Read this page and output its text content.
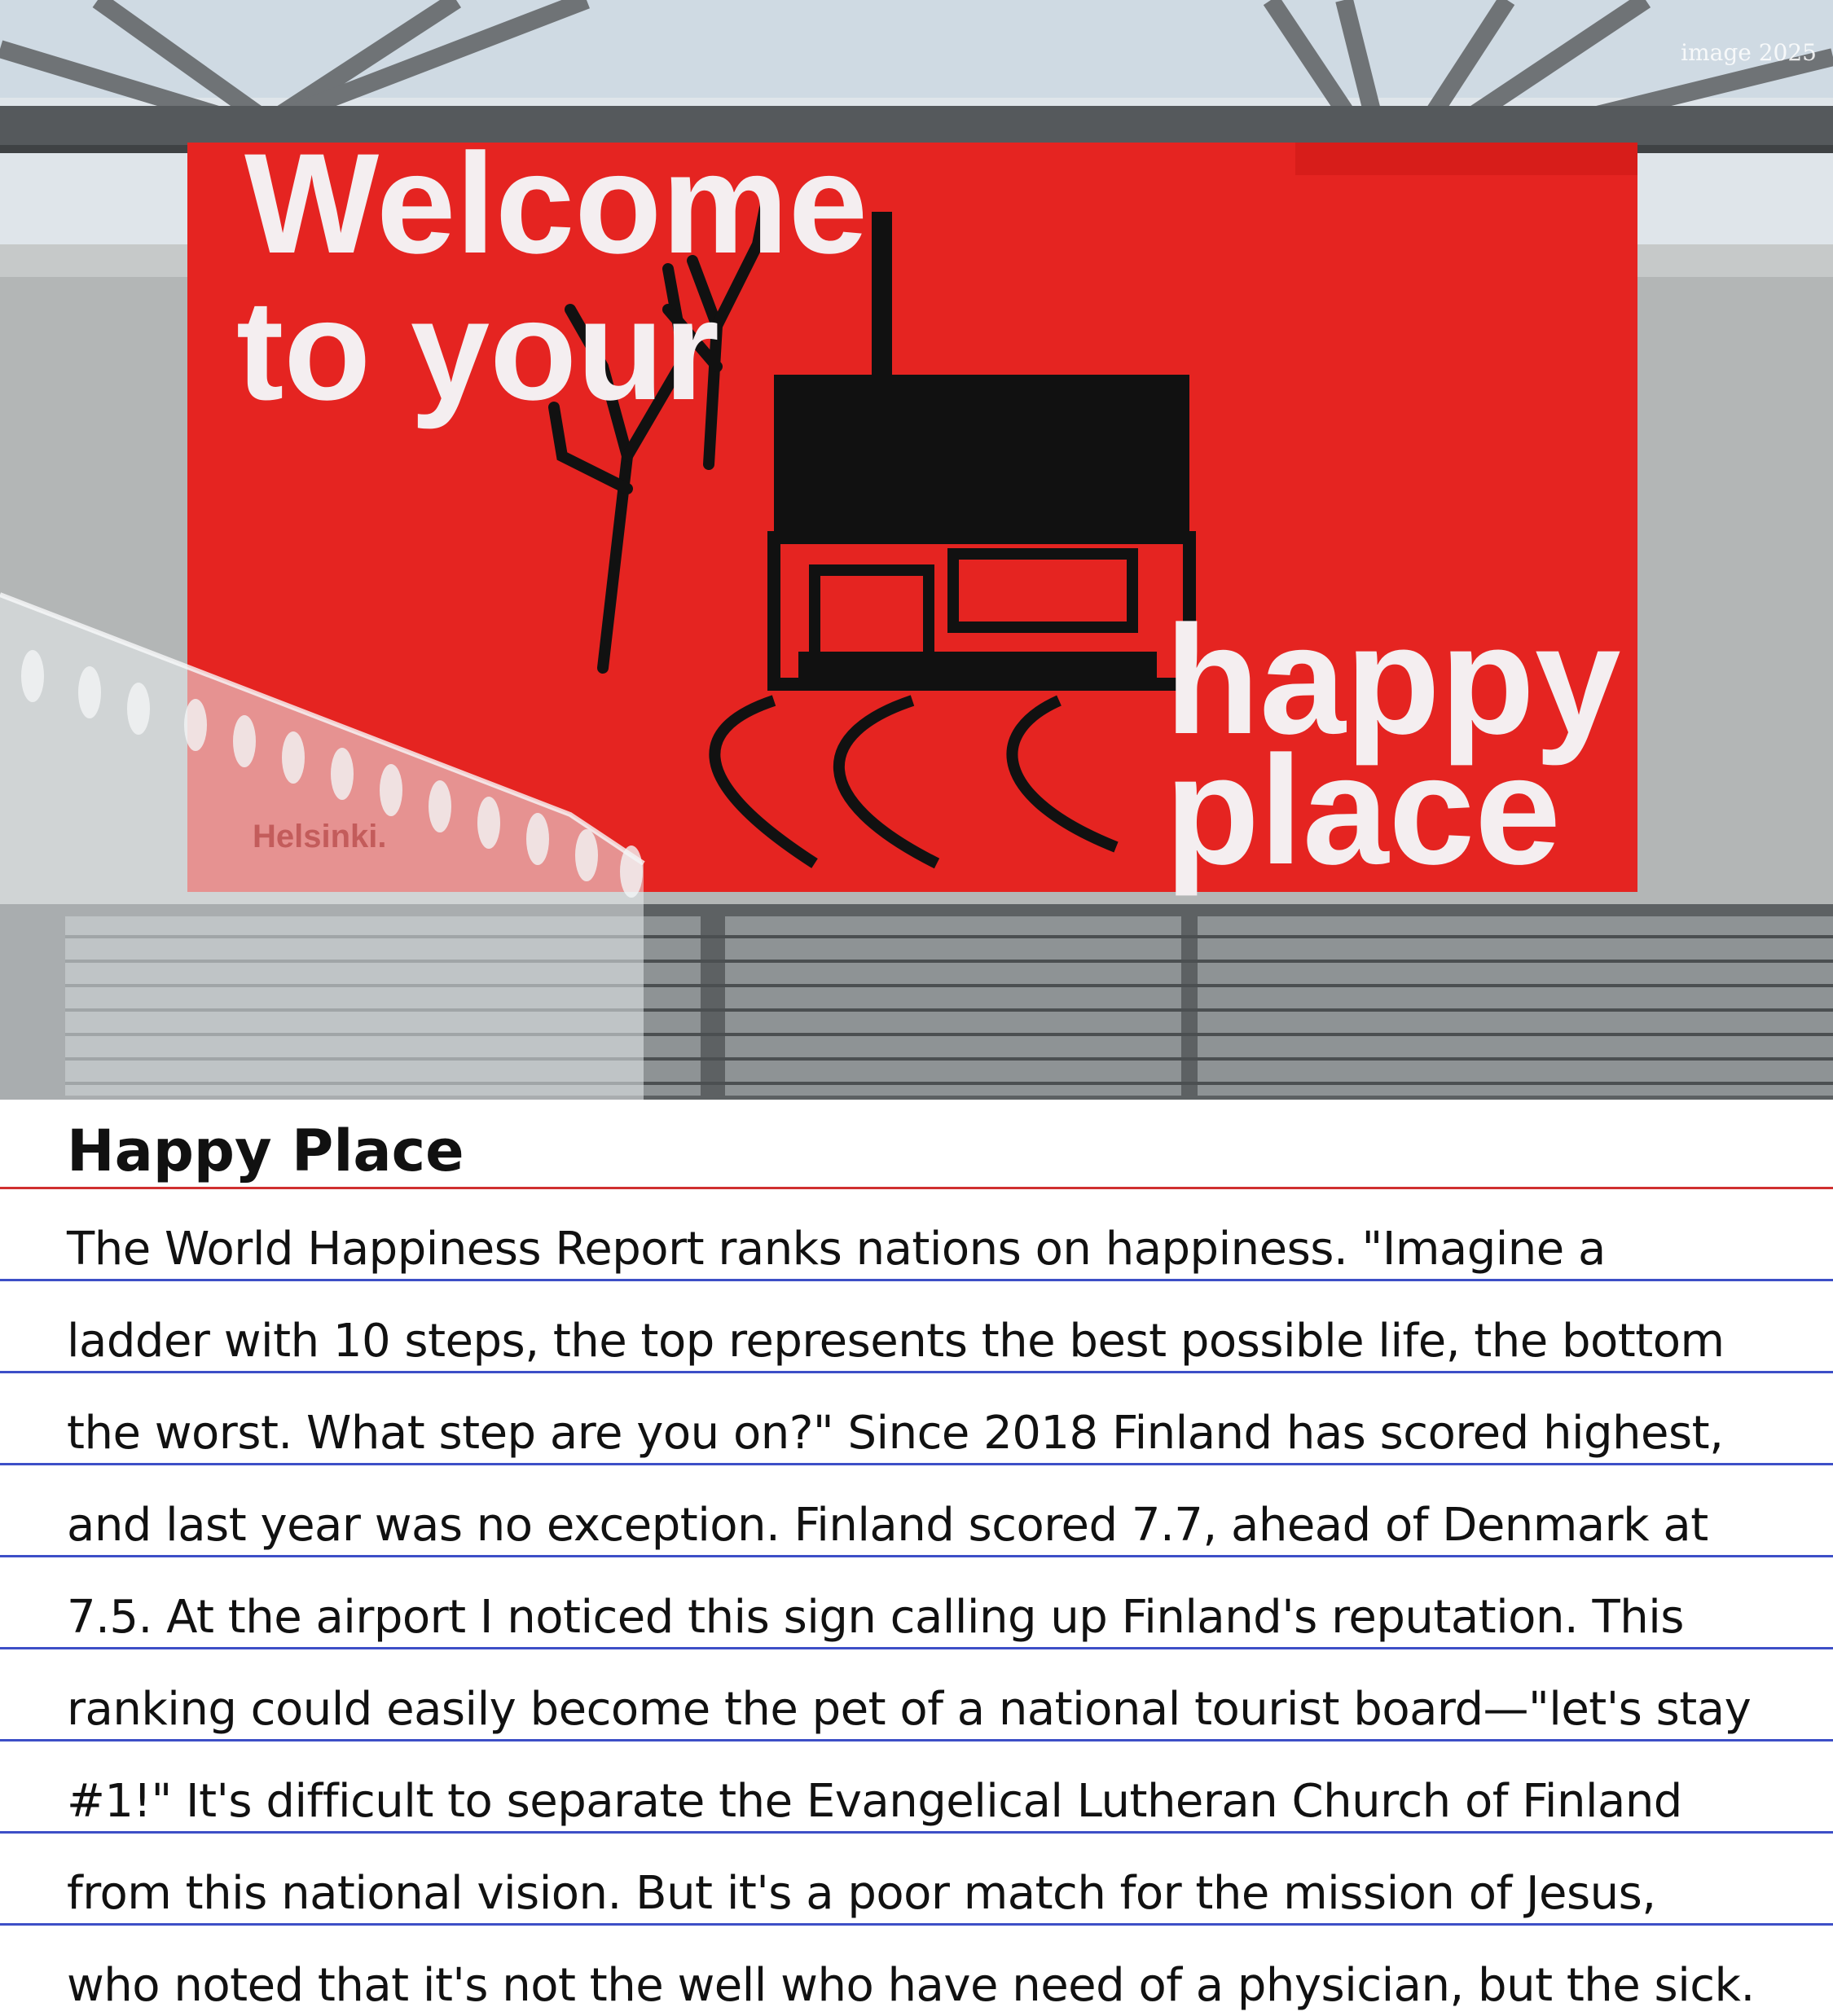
Welcome
to your
happy
place
Helsinki.
image 2025
Happy Place
The World Happiness Report ranks nations on happiness. "Imagine a
ladder with 10 steps, the top represents the best possible life, the bottom
the worst. What step are you on?" Since 2018 Finland has scored highest,
and last year was no exception. Finland scored 7.7, ahead of Denmark at
7.5. At the airport I noticed this sign calling up Finland's reputation. This
ranking could easily become the pet of a national tourist board—"let's stay
#1!" It's difficult to separate the Evangelical Lutheran Church of Finland
from this national vision. But it's a poor match for the mission of Jesus,
who noted that it's not the well who have need of a physician, but the sick.
